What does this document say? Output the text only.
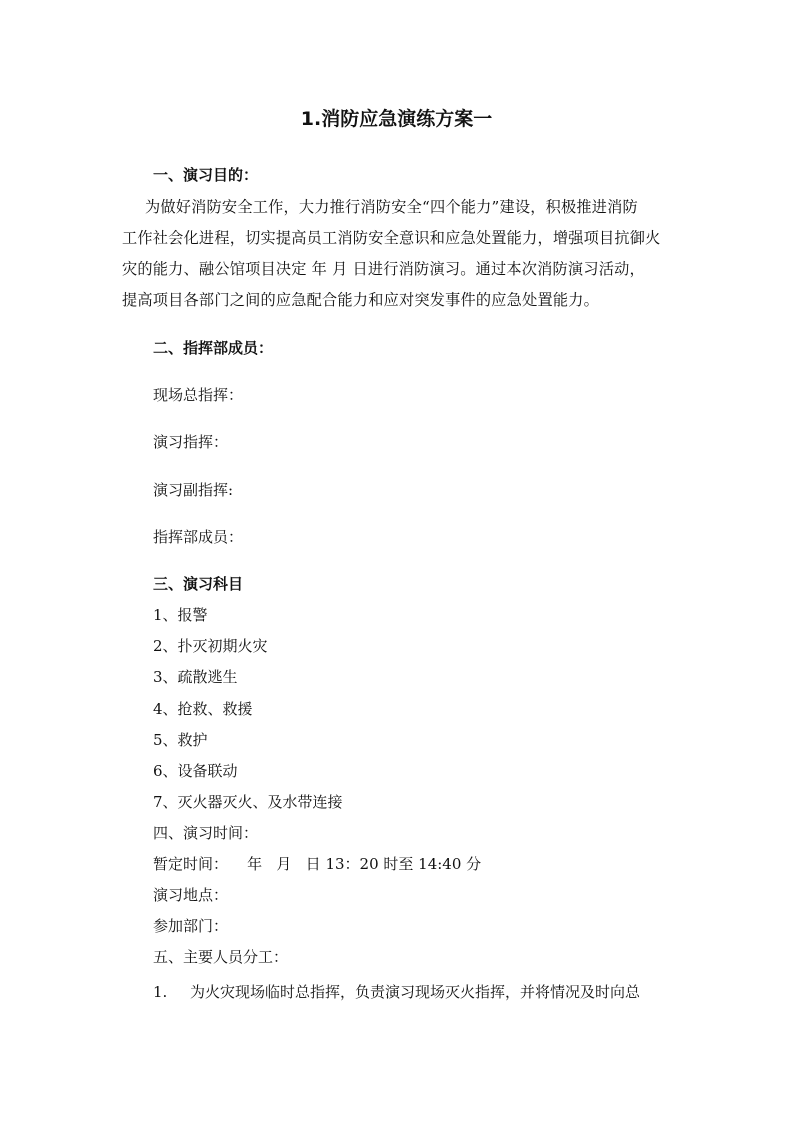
1.消防应急演练方案一
一、演习目的：
为做好消防安全工作，大力推行消防安全“四个能力”建设，积极推进消防
工作社会化进程，切实提高员工消防安全意识和应急处置能力，增强项目抗御火
灾的能力、融公馆项目决定 年 月 日进行消防演习。通过本次消防演习活动，
提高项目各部门之间的应急配合能力和应对突发事件的应急处置能力。
二、指挥部成员：
现场总指挥：
演习指挥：
演习副指挥:
指挥部成员：
三、演习科目
1、报警
2、扑灭初期火灾
3、疏散逃生
4、抢救、救援
5、救护
6、设备联动
7、灭火器灭火、及水带连接
四、演习时间：
暂定时间：    年   月   日 13：20 时至 14:40 分
演习地点：
参加部门：
五、主要人员分工：
1. 为火灾现场临时总指挥，负责演习现场灭火指挥，并将情况及时向总
